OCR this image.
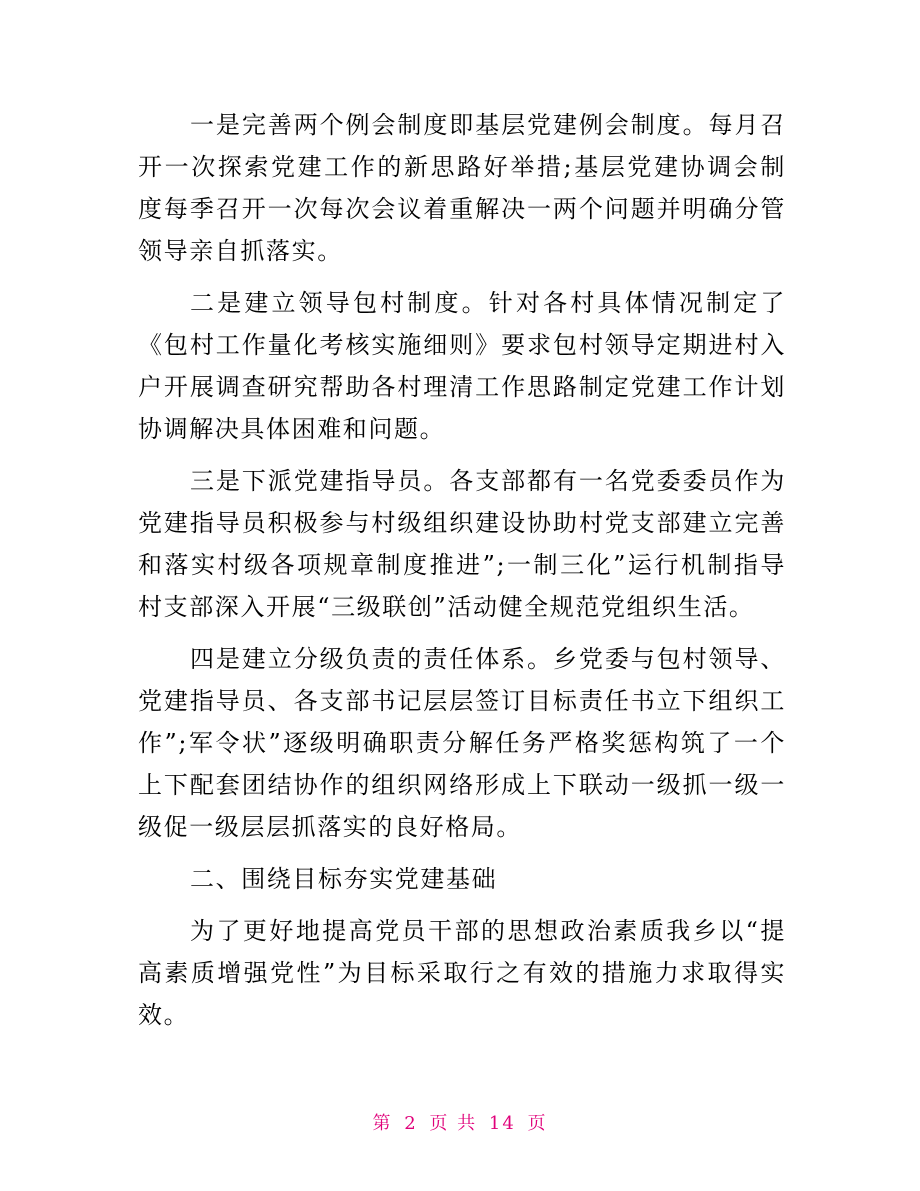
一是完善两个例会制度即基层党建例会制度。每月召开一次探索党建工作的新思路好举措;基层党建协调会制度每季召开一次每次会议着重解决一两个问题并明确分管领导亲自抓落实。

二是建立领导包村制度。针对各村具体情况制定了《包村工作量化考核实施细则》要求包村领导定期进村入户开展调查研究帮助各村理清工作思路制定党建工作计划协调解决具体困难和问题。

三是下派党建指导员。各支部都有一名党委委员作为党建指导员积极参与村级组织建设协助村党支部建立完善和落实村级各项规章制度推进”;一制三化”运行机制指导村支部深入开展“三级联创”活动健全规范党组织生活。

四是建立分级负责的责任体系。乡党委与包村领导、党建指导员、各支部书记层层签订目标责任书立下组织工作”;军令状”逐级明确职责分解任务严格奖惩构筑了一个上下配套团结协作的组织网络形成上下联动一级抓一级一级促一级层层抓落实的良好格局。

二、围绕目标夯实党建基础

为了更好地提高党员干部的思想政治素质我乡以“提高素质增强党性”为目标采取行之有效的措施力求取得实效。

第 2 页 共 14 页
